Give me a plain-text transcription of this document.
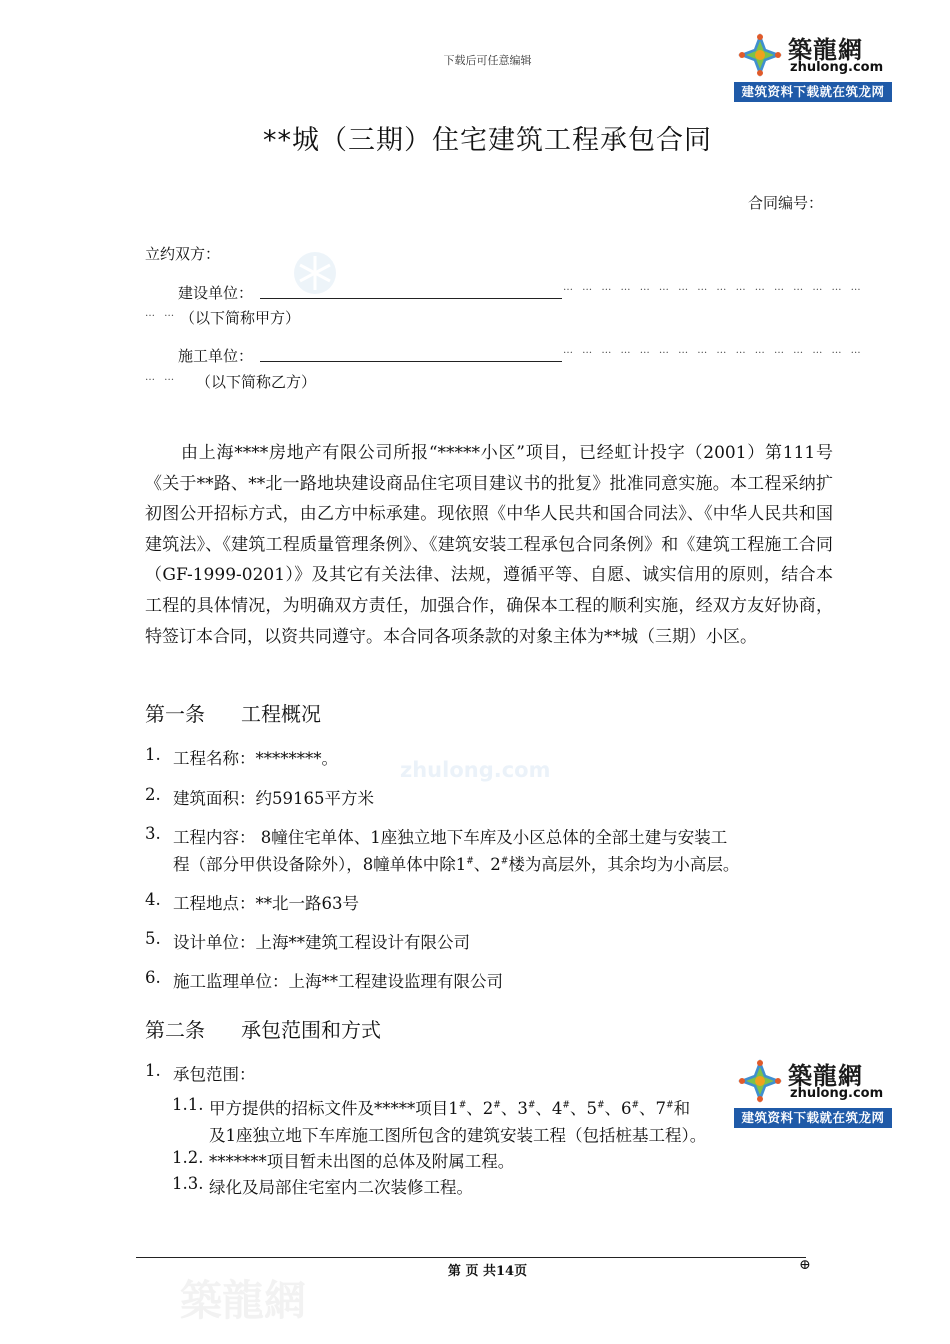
zhulong.com
築龍網
下载后可任意编辑	築龍網
zhulong.com
建筑资料下载就在筑龙网
**城（三期）住宅建筑工程承包合同
合同编号：
立约双方：
建设单位：	… … … … … … … … … … … … … … … …
… … （以下简称甲方）
施工单位：	… … … … … … … … … … … … … … … …
… … （以下简称乙方）
由上海****房地产有限公司所报“*****小区”项目，已经虹计投字（2001）第111号《关于**路、**北一路地块建设商品住宅项目建议书的批复》批准同意实施。本工程采纳扩初图公开招标方式，由乙方中标承建。现依照《中华人民共和国合同法》、《中华人民共和国建筑法》、《建筑工程质量管理条例》、《建筑安装工程承包合同条例》和《建筑工程施工合同（GF-1999-0201）》及其它有关法律、法规，遵循平等、自愿、诚实信用的原则，结合本工程的具体情况，为明确双方责任，加强合作，确保本工程的顺利实施，经双方友好协商，特签订本合同，以资共同遵守。本合同各项条款的对象主体为**城（三期）小区。
第一条 工程概况
1. 工程名称：********。
2. 建筑面积：约59165平方米
3. 工程内容： 8幢住宅单体、1座独立地下车库及小区总体的全部土建与安装工
程（部分甲供设备除外），8幢单体中除1#、2#楼为高层外，其余均为小高层。
4. 工程地点：**北一路63号
5. 设计单位：上海**建筑工程设计有限公司
6. 施工监理单位：上海**工程建设监理有限公司
第二条 承包范围和方式
1. 承包范围：
1.1. 甲方提供的招标文件及*****项目1#、2#、3#、4#、5#、6#、7#和
及1座独立地下车库施工图所包含的建筑安装工程（包括桩基工程）。
1.2. *******项目暂未出图的总体及附属工程。
1.3. 绿化及局部住宅室内二次装修工程。
築龍網
zhulong.com
建筑资料下载就在筑龙网
第 页 共14页	⊕
